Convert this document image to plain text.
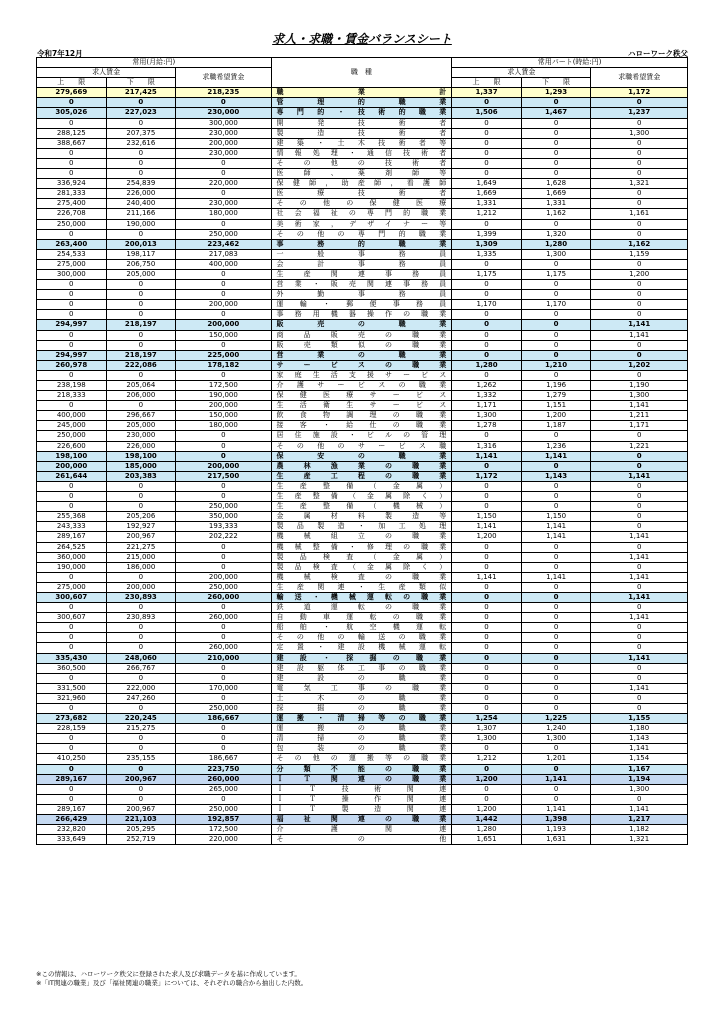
求人・求職・賃金バランスシート
令和7年12月	ハローワーク秩父
常用(月給:円)			職　種	常用パート(時給:円)		
求人賃金		求職希望賃金		求人賃金		求職希望賃金
上　　限	下　　限			上　　限	下　　限	
279,669	217,425	218,235	職業計	1,337	1,293	1,172
0	0	0	管理的職業	0	0	0
305,026	227,023	230,000	専門的・技術的職業	1,506	1,467	1,237
0	0	300,000	開発技術者	0	0	0
288,125	207,375	230,000	製造技術者	0	0	1,300
388,667	232,616	200,000	建築・土木技術者等	0	0	0
0	0	230,000	情報処理・通信技術者	0	0	0
0	0	0	その他の技術者	0	0	0
0	0	0	医師、薬剤師等	0	0	0
336,924	254,839	220,000	保健師，助産師，看護師	1,649	1,628	1,321
281,333	226,000	0	医療技術者	1,669	1,669	0
275,400	240,400	230,000	その他の保健医療	1,331	1,331	0
226,708	211,166	180,000	社会福祉の専門的職業	1,212	1,162	1,161
250,000	190,000	0	美術家，デザイナー等	0	0	0
0	0	250,000	その他の専門的職業	1,399	1,320	0
263,400	200,013	223,462	事務的職業	1,309	1,280	1,162
254,533	198,117	217,083	一般事務員	1,335	1,300	1,159
275,000	206,750	400,000	会計事務員	0	0	0
300,000	205,000	0	生産関連事務員	1,175	1,175	1,200
0	0	0	営業・販売関連事務員	0	0	0
0	0	0	外勤事務員	0	0	0
0	0	200,000	運輸・郵便事務員	1,170	1,170	0
0	0	0	事務用機器操作の職業	0	0	0
294,997	218,197	200,000	販売の職業	0	0	1,141
0	0	150,000	商品販売の職業	0	0	1,141
0	0	0	販売類似の職業	0	0	0
294,997	218,197	225,000	営業の職業	0	0	0
260,978	222,086	178,182	サービスの職業	1,280	1,210	1,202
0	0	0	家庭生活支援サービス	0	0	0
238,198	205,064	172,500	介護サービスの職業	1,262	1,196	1,190
218,333	206,000	190,000	保健医療サービス	1,332	1,279	1,300
0	0	200,000	生活衛生サービス	1,171	1,151	1,141
400,000	296,667	150,000	飲食物調理の職業	1,300	1,200	1,211
245,000	205,000	180,000	接客・給仕の職業	1,278	1,187	1,171
250,000	230,000	0	居住施設・ビルの管理	0	0	0
226,600	226,000	0	その他のサービス職	1,316	1,236	1,221
198,100	198,100	0	保安の職業	1,141	1,141	0
200,000	185,000	200,000	農林漁業の職業	0	0	0
261,644	203,383	217,500	生産工程の職業	1,172	1,143	1,141
0	0	0	生産整備（金属）	0	0	0
0	0	0	生産整備（金属除く）	0	0	0
0	0	250,000	生産整備（機械）	0	0	0
255,368	205,206	350,000	金属材料製造等	1,150	1,150	0
243,333	192,927	193,333	製品製造・加工処理	1,141	1,141	0
289,167	200,967	202,222	機械組立の職業	1,200	1,141	1,141
264,525	221,275	0	機械整備・修理の職業	0	0	0
360,000	215,000	0	製品検査（金属）	0	0	1,141
190,000	186,000	0	製品検査（金属除く）	0	0	0
0	0	200,000	機械検査の職業	1,141	1,141	1,141
275,000	200,000	250,000	生産関連・生産類似	0	0	0
300,607	230,893	260,000	輸送・機械運転の職業	0	0	1,141
0	0	0	鉄道運転の職業	0	0	0
300,607	230,893	260,000	自動車運転の職業	0	0	1,141
0	0	0	船舶・航空機運転	0	0	0
0	0	0	その他の輸送の職業	0	0	0
0	0	260,000	定置・建設機械運転	0	0	0
335,430	248,060	210,000	建設・採掘の職業	0	0	1,141
360,500	266,767	0	建設躯体工事の職業	0	0	0
0	0	0	建設の職業	0	0	0
331,500	222,000	170,000	電気工事の職業	0	0	1,141
321,960	247,260	0	土木の職業	0	0	0
0	0	250,000	採掘の職業	0	0	0
273,682	220,245	186,667	運搬・清掃等の職業	1,254	1,225	1,155
228,159	215,275	0	運搬の職業	1,307	1,240	1,180
0	0	0	清掃の職業	1,300	1,300	1,143
0	0	0	包装の職業	0	0	1,141
410,250	235,155	186,667	その他の運搬等の職業	1,212	1,201	1,154
0	0	223,750	分類不能の職業	0	0	1,167
289,167	200,967	260,000	ＩＴ関連の職業	1,200	1,141	1,194
0	0	265,000	ＩＴ技術関連	0	0	1,300
0	0	0	ＩＴ操作関連	0	0	0
289,167	200,967	250,000	ＩＴ製造関連	1,200	1,141	1,141
266,429	221,103	192,857	福祉関連の職業	1,442	1,398	1,217
232,820	205,295	172,500	介護関連	1,280	1,193	1,182
333,649	252,719	220,000	その他	1,651	1,631	1,321
※この情報は、ハローワーク秩父に登録された求人及び求職データを基に作成しています。
※「IT関連の職業」及び「福祉関連の職業」については、それぞれの職合から抽出した内数。
